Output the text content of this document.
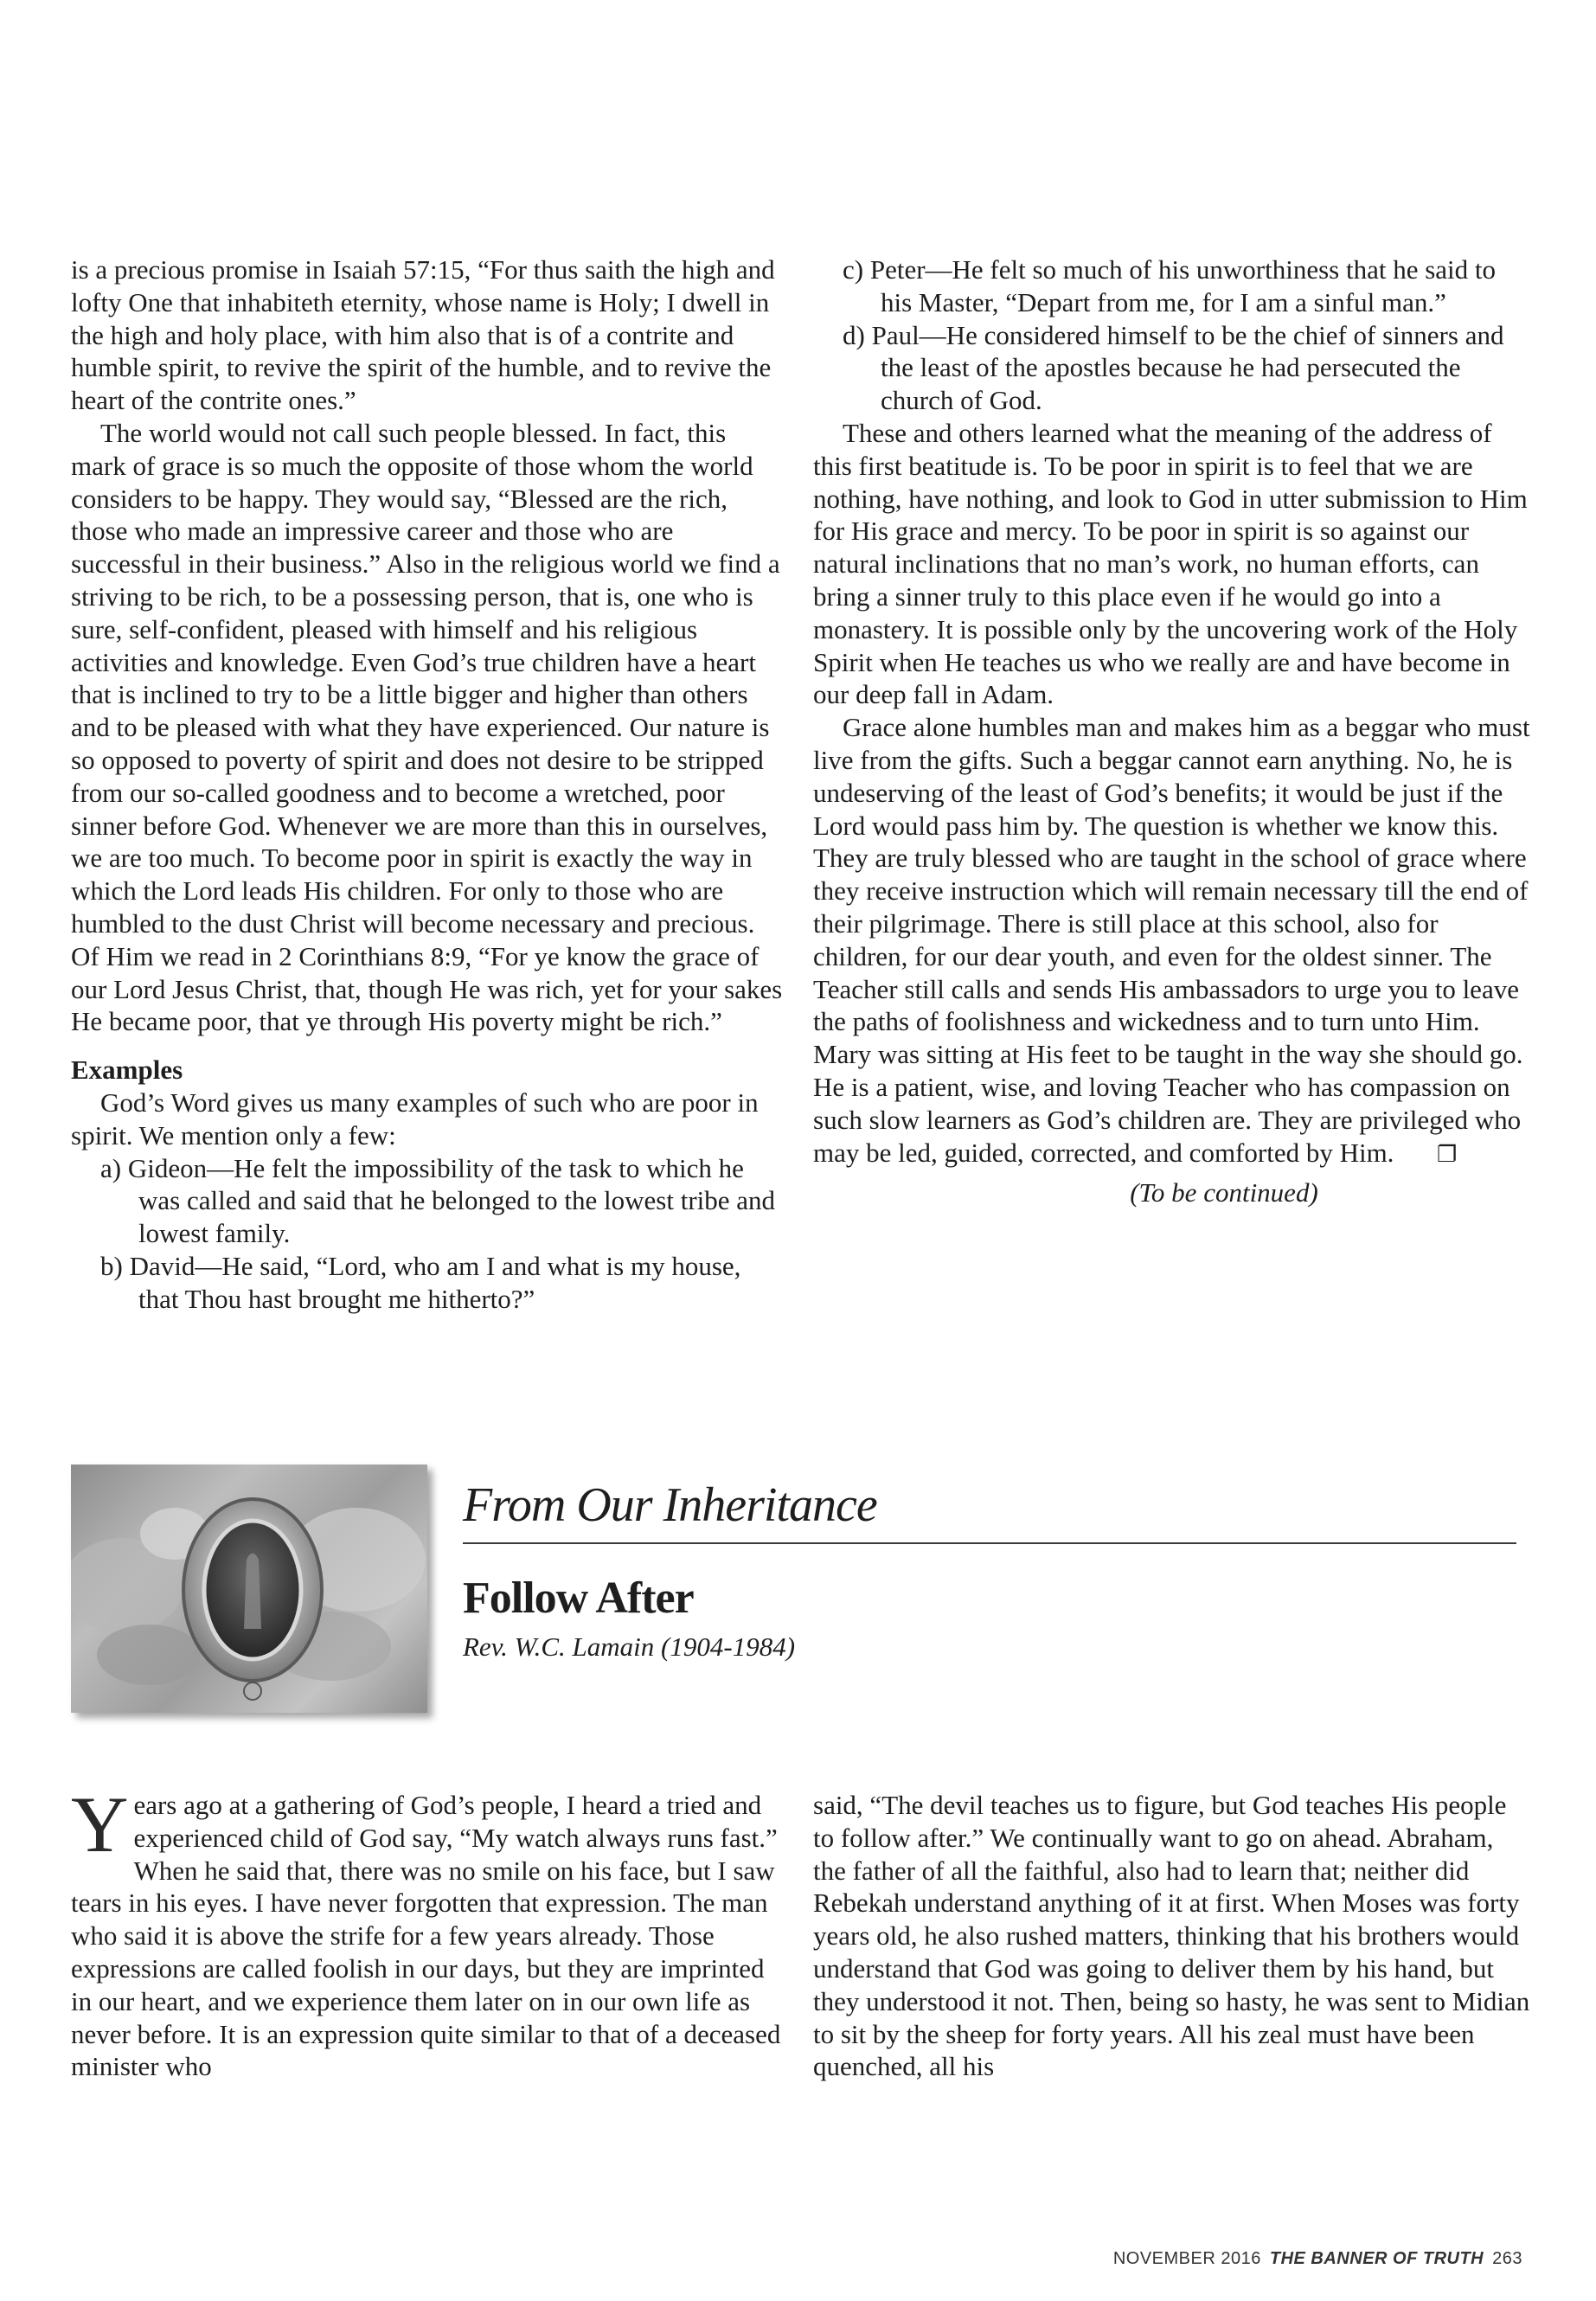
is a precious promise in Isaiah 57:15, “For thus saith the high and lofty One that inhabiteth eternity, whose name is Holy; I dwell in the high and holy place, with him also that is of a contrite and humble spirit, to revive the spirit of the humble, and to revive the heart of the contrite ones.”

The world would not call such people blessed. In fact, this mark of grace is so much the opposite of those whom the world considers to be happy. They would say, “Blessed are the rich, those who made an impressive career and those who are successful in their business.” Also in the religious world we find a striving to be rich, to be a possessing person, that is, one who is sure, self-confident, pleased with himself and his religious activities and knowledge. Even God’s true children have a heart that is inclined to try to be a little bigger and higher than others and to be pleased with what they have experienced. Our nature is so opposed to poverty of spirit and does not desire to be stripped from our so-called goodness and to become a wretched, poor sinner before God. Whenever we are more than this in ourselves, we are too much. To become poor in spirit is exactly the way in which the Lord leads His children. For only to those who are humbled to the dust Christ will become necessary and precious. Of Him we read in 2 Corinthians 8:9, “For ye know the grace of our Lord Jesus Christ, that, though He was rich, yet for your sakes He became poor, that ye through His poverty might be rich.”

Examples

God’s Word gives us many examples of such who are poor in spirit. We mention only a few:

a) Gideon—He felt the impossibility of the task to which he was called and said that he belonged to the lowest tribe and lowest family.

b) David—He said, “Lord, who am I and what is my house, that Thou hast brought me hitherto?”

c) Peter—He felt so much of his unworthiness that he said to his Master, “Depart from me, for I am a sinful man.”

d) Paul—He considered himself to be the chief of sinners and the least of the apostles because he had persecuted the church of God.

These and others learned what the meaning of the address of this first beatitude is. To be poor in spirit is to feel that we are nothing, have nothing, and look to God in utter submission to Him for His grace and mercy. To be poor in spirit is so against our natural inclinations that no man’s work, no human efforts, can bring a sinner truly to this place even if he would go into a monastery. It is possible only by the uncovering work of the Holy Spirit when He teaches us who we really are and have become in our deep fall in Adam.

Grace alone humbles man and makes him as a beggar who must live from the gifts. Such a beggar cannot earn anything. No, he is undeserving of the least of God’s benefits; it would be just if the Lord would pass him by. The question is whether we know this. They are truly blessed who are taught in the school of grace where they receive instruction which will remain necessary till the end of their pilgrimage. There is still place at this school, also for children, for our dear youth, and even for the oldest sinner. The Teacher still calls and sends His ambassadors to urge you to leave the paths of foolishness and wickedness and to turn unto Him. Mary was sitting at His feet to be taught in the way she should go. He is a patient, wise, and loving Teacher who has compassion on such slow learners as God’s children are. They are privileged who may be led, guided, corrected, and comforted by Him. ❐

(To be continued)

From Our Inheritance
Follow After
Rev. W.C. Lamain (1904-1984)

Years ago at a gathering of God’s people, I heard a tried and experienced child of God say, “My watch always runs fast.” When he said that, there was no smile on his face, but I saw tears in his eyes. I have never forgotten that expression. The man who said it is above the strife for a few years already. Those expressions are called foolish in our days, but they are imprinted in our heart, and we experience them later on in our own life as never before. It is an expression quite similar to that of a deceased minister who

said, “The devil teaches us to figure, but God teaches His people to follow after.” We continually want to go on ahead. Abraham, the father of all the faithful, also had to learn that; neither did Rebekah understand anything of it at first. When Moses was forty years old, he also rushed matters, thinking that his brothers would understand that God was going to deliver them by his hand, but they understood it not. Then, being so hasty, he was sent to Midian to sit by the sheep for forty years. All his zeal must have been quenched, all his

NOVEMBER 2016 THE BANNER OF TRUTH 263
